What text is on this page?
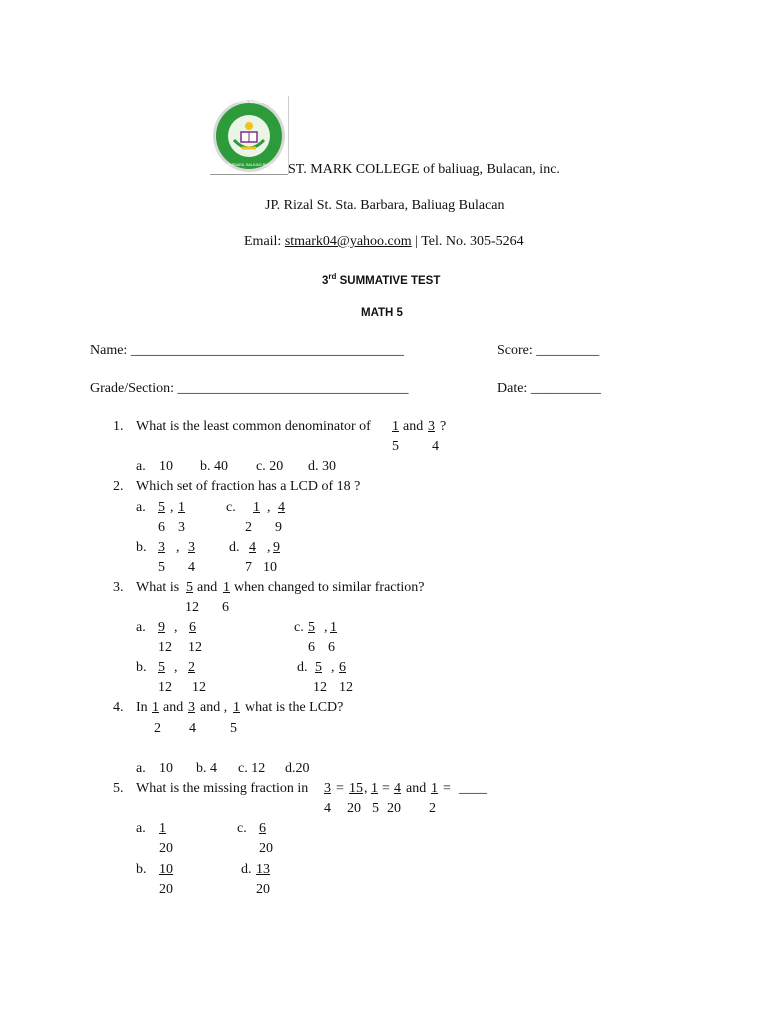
ST. MARK COLLEGE
STA. BARBARA, BALIUAG BULACAN ST. MARK COLLEGE of baliuag, Bulacan, inc.
JP. Rizal St. Sta. Barbara, Baliuag Bulacan
Email: stmark04@yahoo.com | Tel. No. 305-5264
3rd SUMMATIVE TEST
MATH 5
Name: _______________________________________	Score: _________
Grade/Section: _________________________________	Date: __________
1. What is the least common denominator of 1 and 3 ?
5 4
a. 10 b. 40 c. 20 d. 30
2. Which set of fraction has a LCD of 18 ?
a. 5 , 1
6 3
c.	1 , 4
2 9
b. 3 , 3
5 4
d. 4 , 9
7 10
3. What is 5 and 1 when changed to similar fraction?
12 6
a. 9 , 6
12 12
c. 5 , 1
6 6
b. 5 , 2
12 12
d. 5 , 6
12 12
4. In 1 and 3 and , 1 what is the LCD?
2 4 5
a. 10 b. 4 c. 12 d.20
5. What is the missing fraction in 3 = 15 , 1 = 4 and 1 = ____
4 20 5 20 2
a. 1
20
c. 6
20
b. 10
20
d. 13
20
